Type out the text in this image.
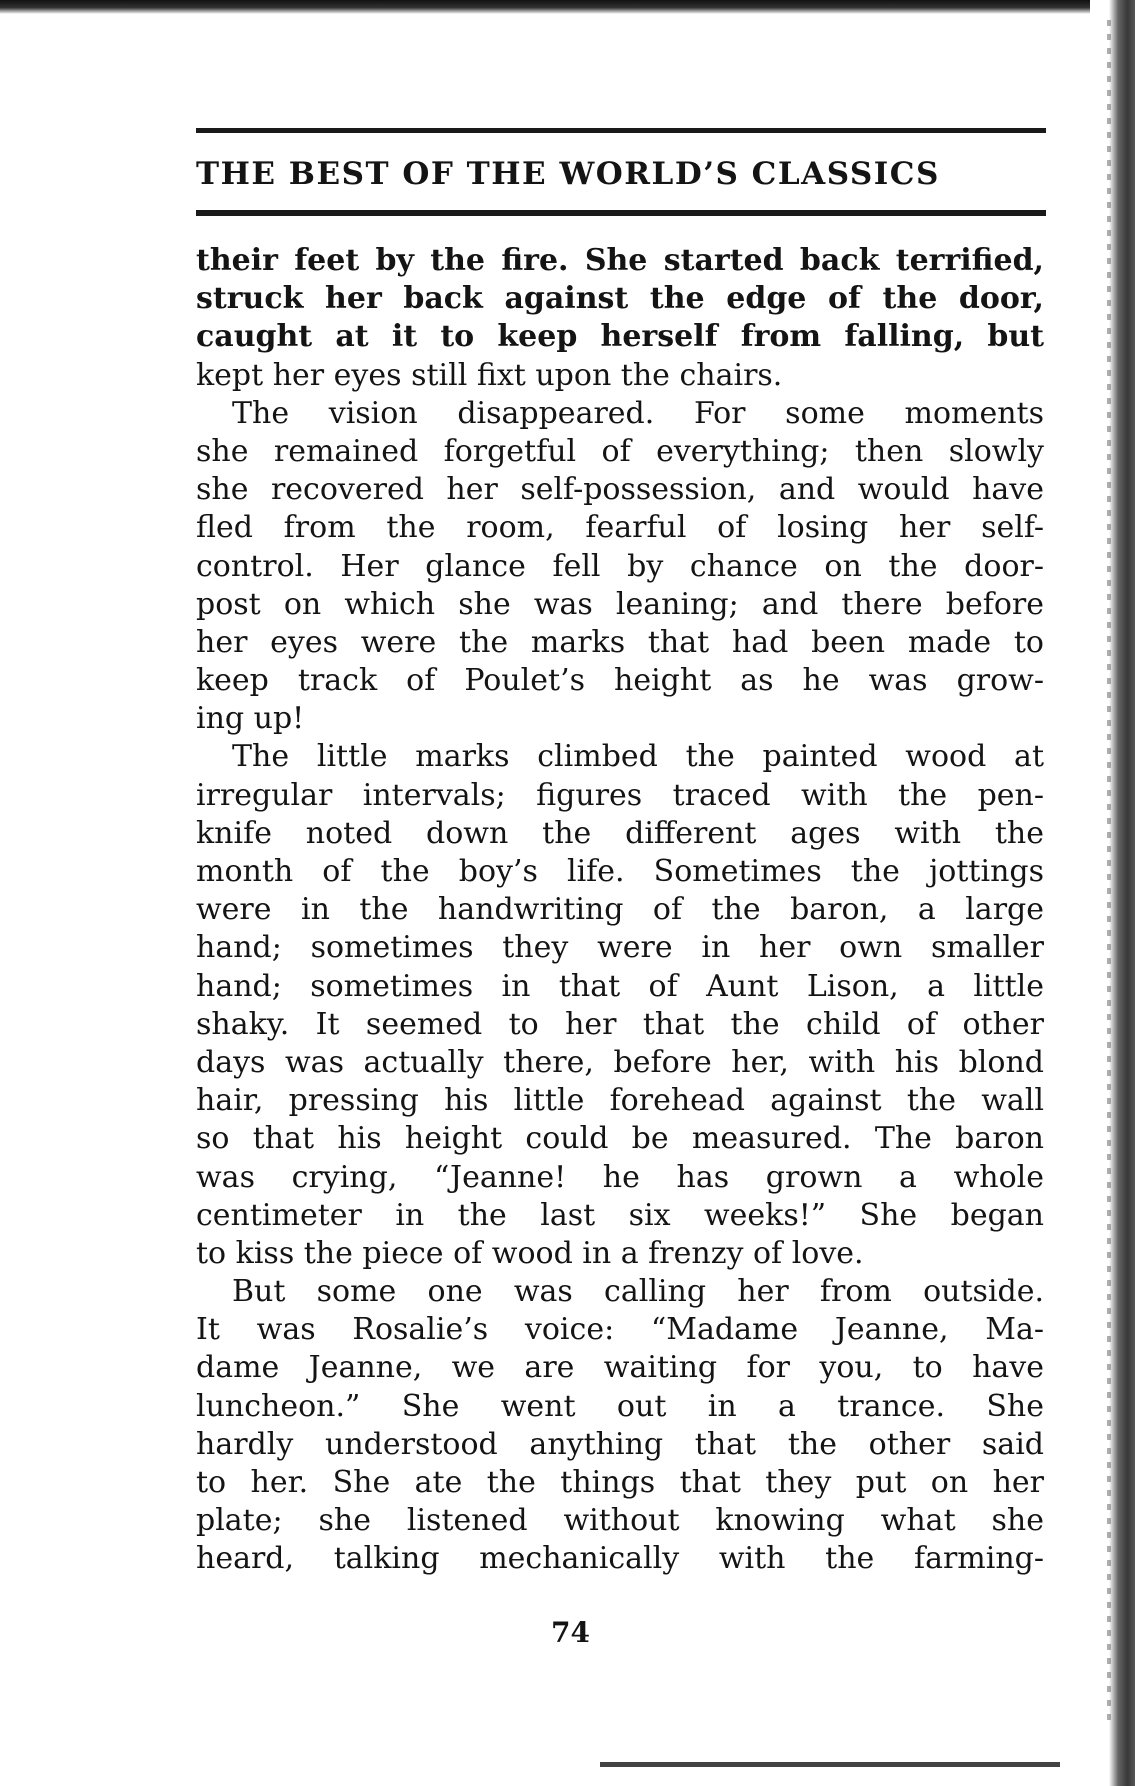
THE BEST OF THE WORLD’S CLASSICS
their feet by the fire. She started back terrified,
struck her back against the edge of the door,
caught at it to keep herself from falling, but
kept her eyes still fixt upon the chairs.
The vision disappeared. For some moments
she remained forgetful of everything; then slowly
she recovered her self-possession, and would have
fled from the room, fearful of losing her self-
control. Her glance fell by chance on the door-
post on which she was leaning; and there before
her eyes were the marks that had been made to
keep track of Poulet’s height as he was grow-
ing up!
The little marks climbed the painted wood at
irregular intervals; figures traced with the pen-
knife noted down the different ages with the
month of the boy’s life. Sometimes the jottings
were in the handwriting of the baron, a large
hand; sometimes they were in her own smaller
hand; sometimes in that of Aunt Lison, a little
shaky. It seemed to her that the child of other
days was actually there, before her, with his blond
hair, pressing his little forehead against the wall
so that his height could be measured. The baron
was crying, “Jeanne! he has grown a whole
centimeter in the last six weeks!” She began
to kiss the piece of wood in a frenzy of love.
But some one was calling her from outside.
It was Rosalie’s voice: “Madame Jeanne, Ma-
dame Jeanne, we are waiting for you, to have
luncheon.” She went out in a trance. She
hardly understood anything that the other said
to her. She ate the things that they put on her
plate; she listened without knowing what she
heard, talking mechanically with the farming-
74
